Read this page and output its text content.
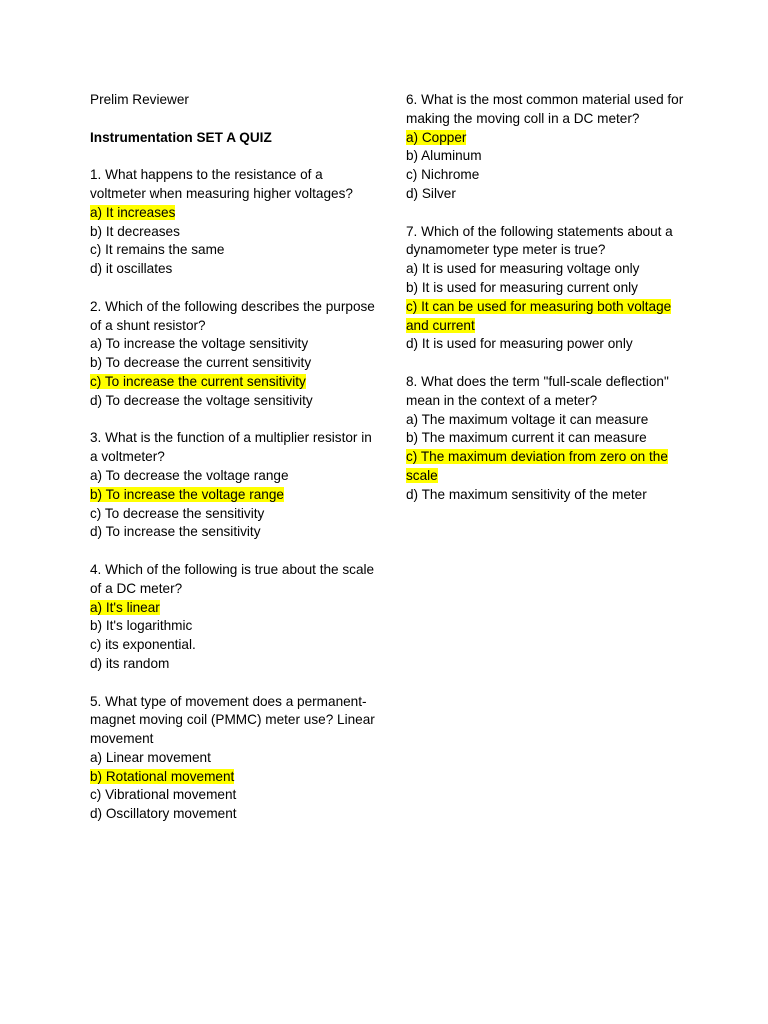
Prelim Reviewer
Instrumentation SET A QUIZ
1. What happens to the resistance of a voltmeter when measuring higher voltages?
a) It increases
b) It decreases
c) It remains the same
d) it oscillates
2. Which of the following describes the purpose of a shunt resistor?
a) To increase the voltage sensitivity
b) To decrease the current sensitivity
c) To increase the current sensitivity
d) To decrease the voltage sensitivity
3. What is the function of a multiplier resistor in a voltmeter?
a) To decrease the voltage range
b) To increase the voltage range
c) To decrease the sensitivity
d) To increase the sensitivity
4. Which of the following is true about the scale of a DC meter?
a) It's linear
b) It's logarithmic
c) its exponential.
d) its random
5. What type of movement does a permanent- magnet moving coil (PMMC) meter use? Linear movement
a) Linear movement
b) Rotational movement
c) Vibrational movement
d) Oscillatory movement
6. What is the most common material used for making the moving coll in a DC meter?
a) Copper
b) Aluminum
c) Nichrome
d) Silver
7. Which of the following statements about a dynamometer type meter is true?
a) It is used for measuring voltage only
b) It is used for measuring current only
c) It can be used for measuring both voltage and current
d) It is used for measuring power only
8. What does the term "full-scale deflection" mean in the context of a meter?
a) The maximum voltage it can measure
b) The maximum current it can measure
c) The maximum deviation from zero on the scale
d) The maximum sensitivity of the meter
